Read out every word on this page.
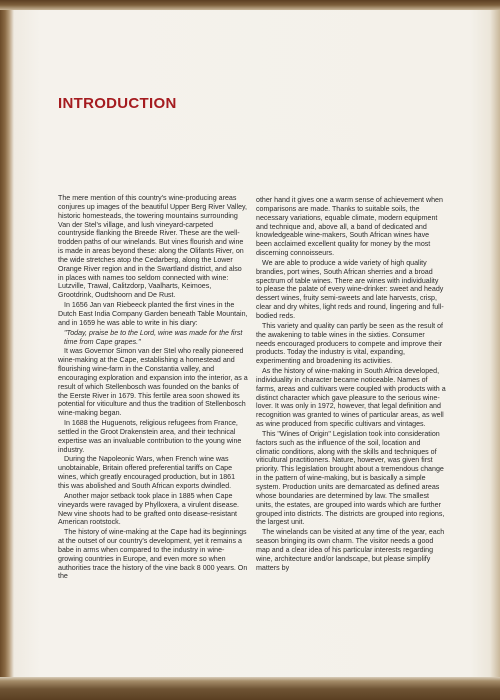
INTRODUCTION

The mere mention of this country's wine-producing areas conjures up images of the beautiful Upper Berg River Valley, historic homesteads, the towering mountains surrounding Van der Stel's village, and lush vineyard-carpeted countryside flanking the Breede River. These are the well-trodden paths of our winelands. But vines flourish and wine is made in areas beyond these: along the Olifants River, on the wide stretches atop the Cedarberg, along the Lower Orange River region and in the Swartland district, and also in places with names too seldom connected with wine: Lutzville, Trawal, Calitzdorp, Vaalharts, Keimoes, Grootdrink, Oudtshoorn and De Rust.

In 1656 Jan van Riebeeck planted the first vines in the Dutch East India Company Garden beneath Table Mountain, and in 1659 he was able to write in his diary:

"Today, praise be to the Lord, wine was made for the first time from Cape grapes."

It was Governor Simon van der Stel who really pioneered wine-making at the Cape, establishing a homestead and flourishing wine-farm in the Constantia valley, and encouraging exploration and expansion into the interior, as a result of which Stellenbosch was founded on the banks of the Eerste River in 1679. This fertile area soon showed its potential for viticulture and thus the tradition of Stellenbosch wine-making began.

In 1688 the Huguenots, religious refugees from France, settled in the Groot Drakenstein area, and their technical expertise was an invaluable contribution to the young wine industry.

During the Napoleonic Wars, when French wine was unobtainable, Britain offered preferential tariffs on Cape wines, which greatly encouraged production, but in 1861 this was abolished and South African exports dwindled.

Another major setback took place in 1885 when Cape vineyards were ravaged by Phylloxera, a virulent disease. New vine shoots had to be grafted onto disease-resistant American rootstock.

The history of wine-making at the Cape had its beginnings at the outset of our country's development, yet it remains a babe in arms when compared to the industry in wine-growing countries in Europe, and even more so when authorities trace the history of the vine back 8 000 years. On the

other hand it gives one a warm sense of achievement when comparisons are made. Thanks to suitable soils, the necessary variations, equable climate, modern equipment and technique and, above all, a band of dedicated and knowledgeable wine-makers, South African wines have been acclaimed excellent quality for money by the most discerning connoisseurs.

We are able to produce a wide variety of high quality brandies, port wines, South African sherries and a broad spectrum of table wines. There are wines with individuality to please the palate of every wine-drinker: sweet and heady dessert wines, fruity semi-sweets and late harvests, crisp, clear and dry whites, light reds and round, lingering and full-bodied reds.

This variety and quality can partly be seen as the result of the awakening to table wines in the sixties. Consumer needs encouraged producers to compete and improve their products. Today the industry is vital, expanding, experimenting and broadening its activities.

As the history of wine-making in South Africa developed, individuality in character became noticeable. Names of farms, areas and cultivars were coupled with products with a distinct character which gave pleasure to the serious wine-lover. It was only in 1972, however, that legal definition and recognition was granted to wines of particular areas, as well as wine produced from specific cultivars and vintages.

This "Wines of Origin" Legislation took into consideration factors such as the influence of the soil, location and climatic conditions, along with the skills and techniques of viticultural practitioners. Nature, however, was given first priority. This legislation brought about a tremendous change in the pattern of wine-making, but is basically a simple system. Production units are demarcated as defined areas whose boundaries are determined by law. The smallest units, the estates, are grouped into wards which are further grouped into districts. The districts are grouped into regions, the largest unit.

The winelands can be visited at any time of the year, each season bringing its own charm. The visitor needs a good map and a clear idea of his particular interests regarding wine, architecture and/or landscape, but please simplify matters by
